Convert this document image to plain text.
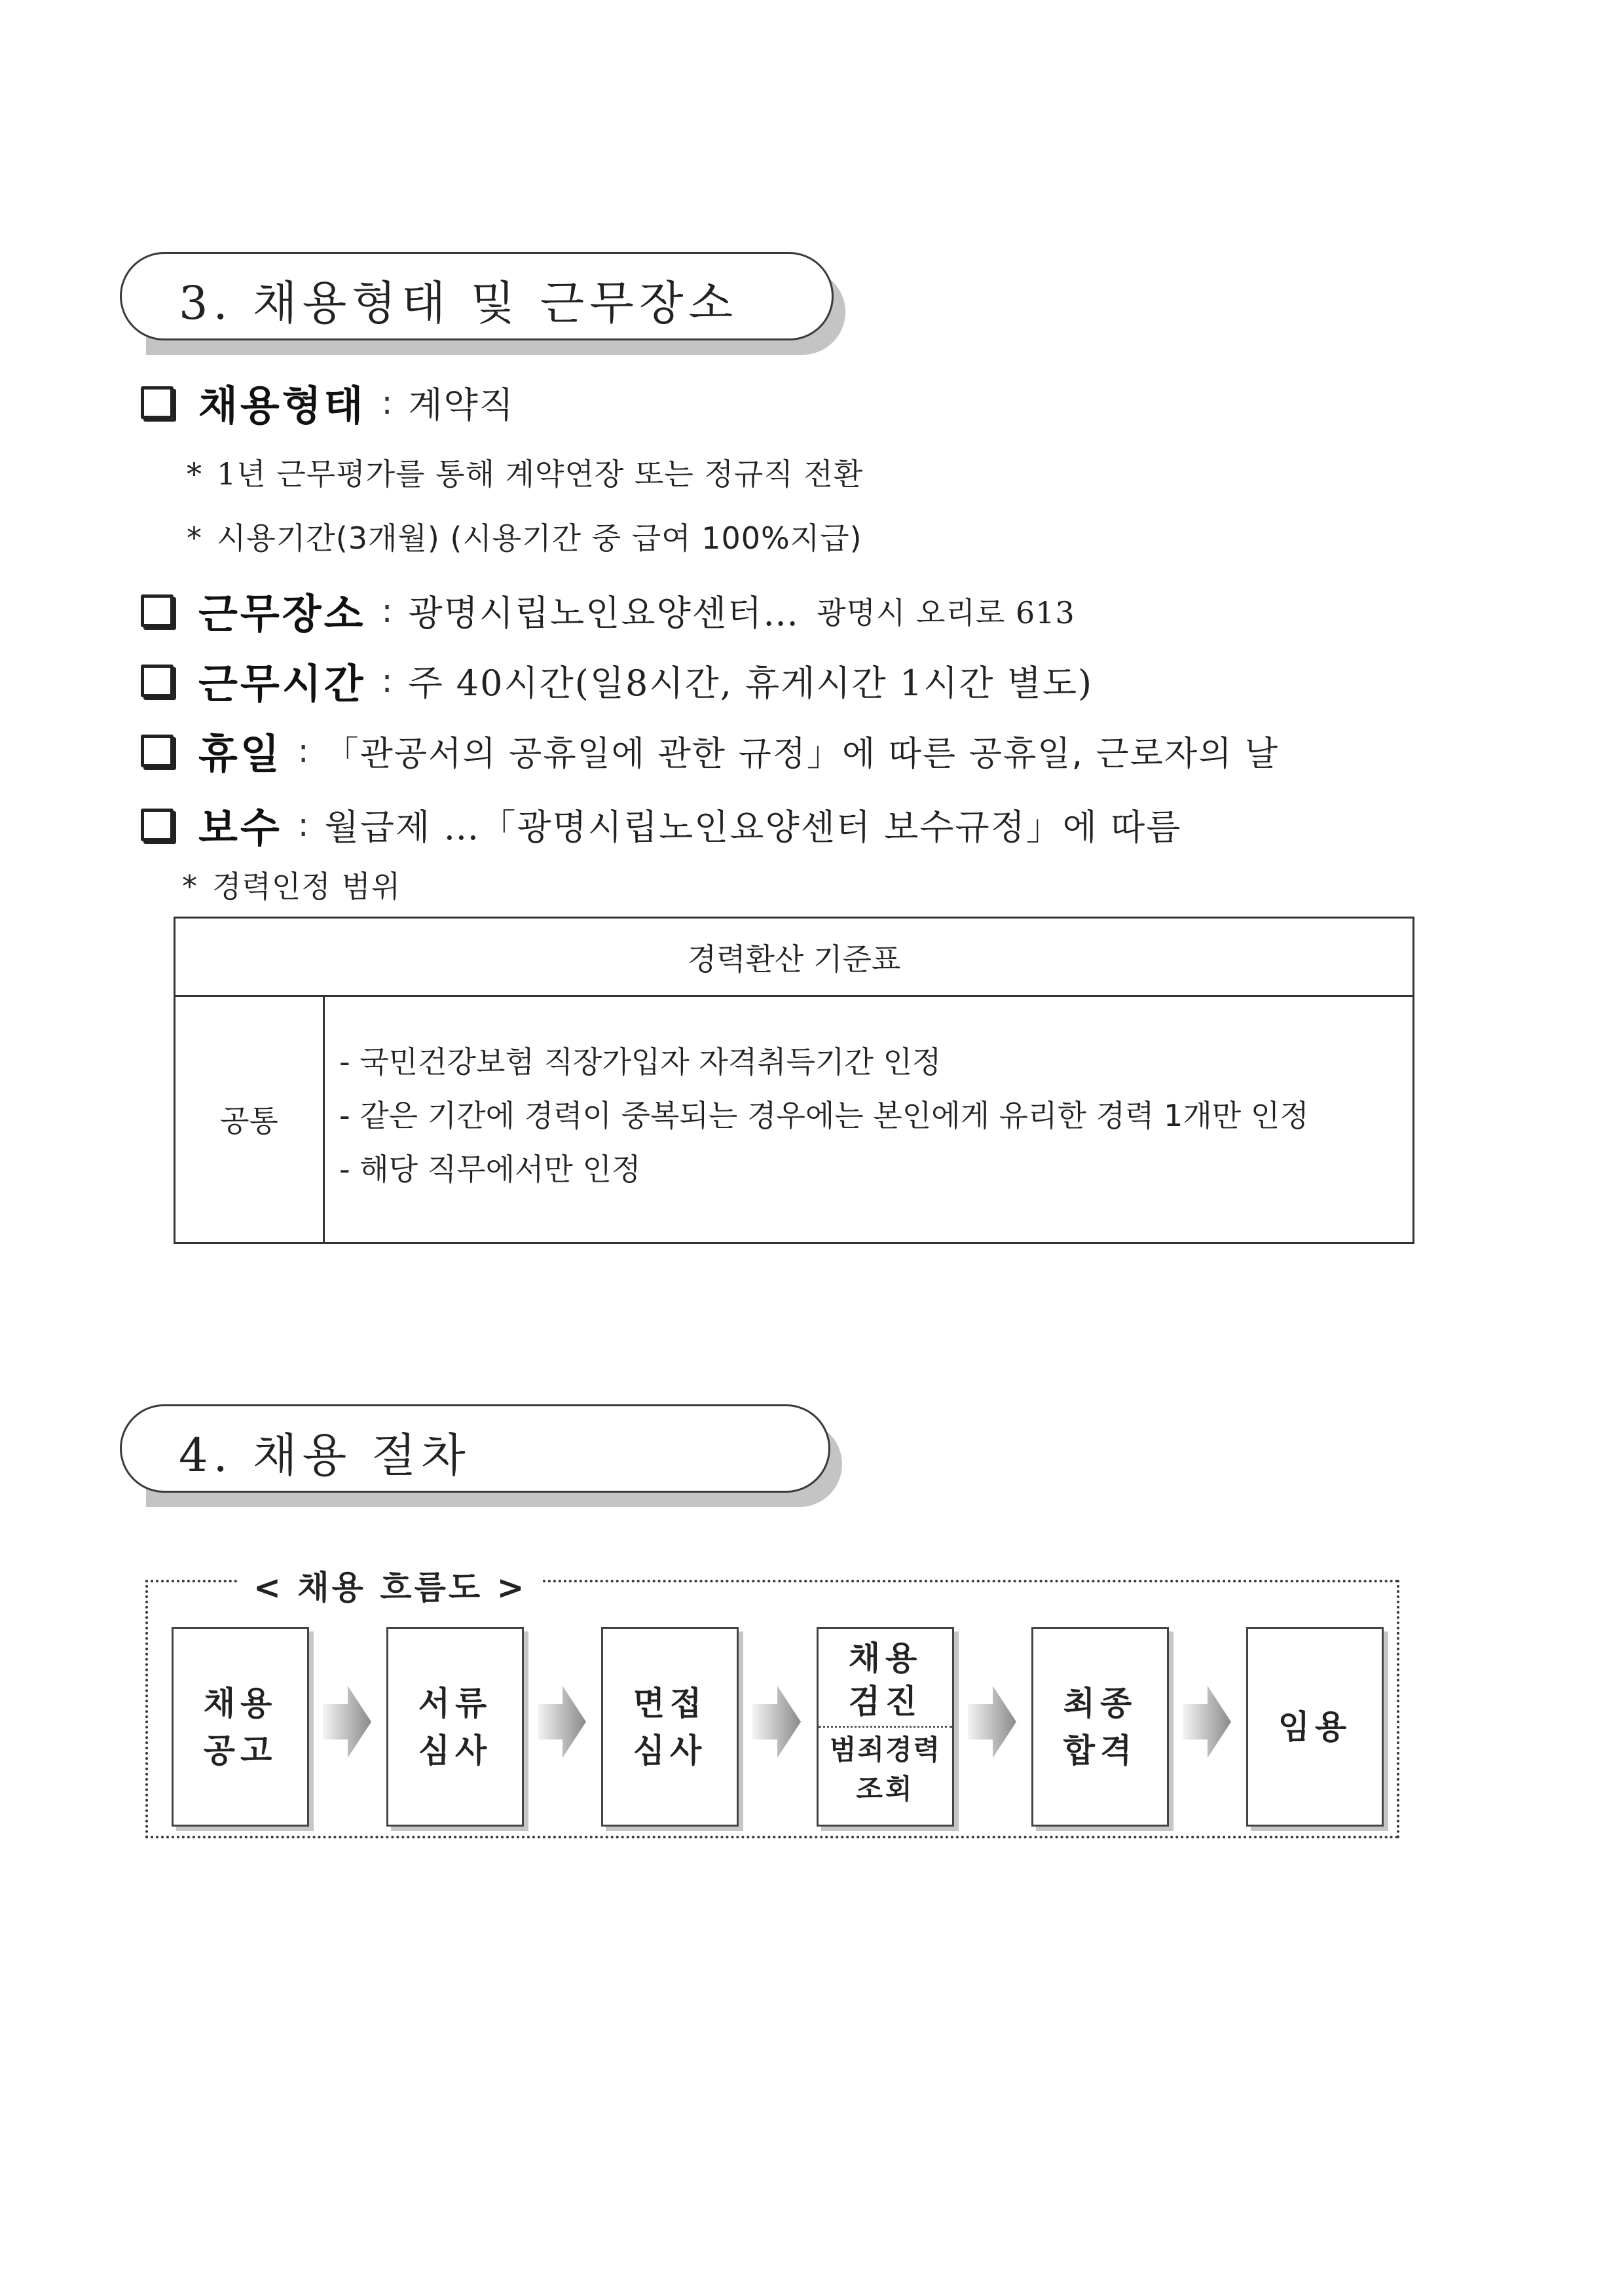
3. 채용형태 및 근무장소
채용형태 : 계약직
* 1년 근무평가를 통해 계약연장 또는 정규직 전환
* 시용기간(3개월) (시용기간 중 급여 100%지급)
근무장소 : 광명시립노인요양센터… 광명시 오리로 613
근무시간 : 주 40시간(일8시간, 휴게시간 1시간 별도)
휴일 : 「관공서의 공휴일에 관한 규정」에 따른 공휴일, 근로자의 날
보수 : 월급제 …「광명시립노인요양센터 보수규정」에 따름
* 경력인정 범위
경력환산 기준표
공통
- 국민건강보험 직장가입자 자격취득기간 인정
- 같은 기간에 경력이 중복되는 경우에는 본인에게 유리한 경력 1개만 인정
- 해당 직무에서만 인정
4. 채용 절차
< 채용 흐름도 >
채용
공고
서류
심사
면접
심사
채용
검진
범죄경력
조회
최종
합격
임용
